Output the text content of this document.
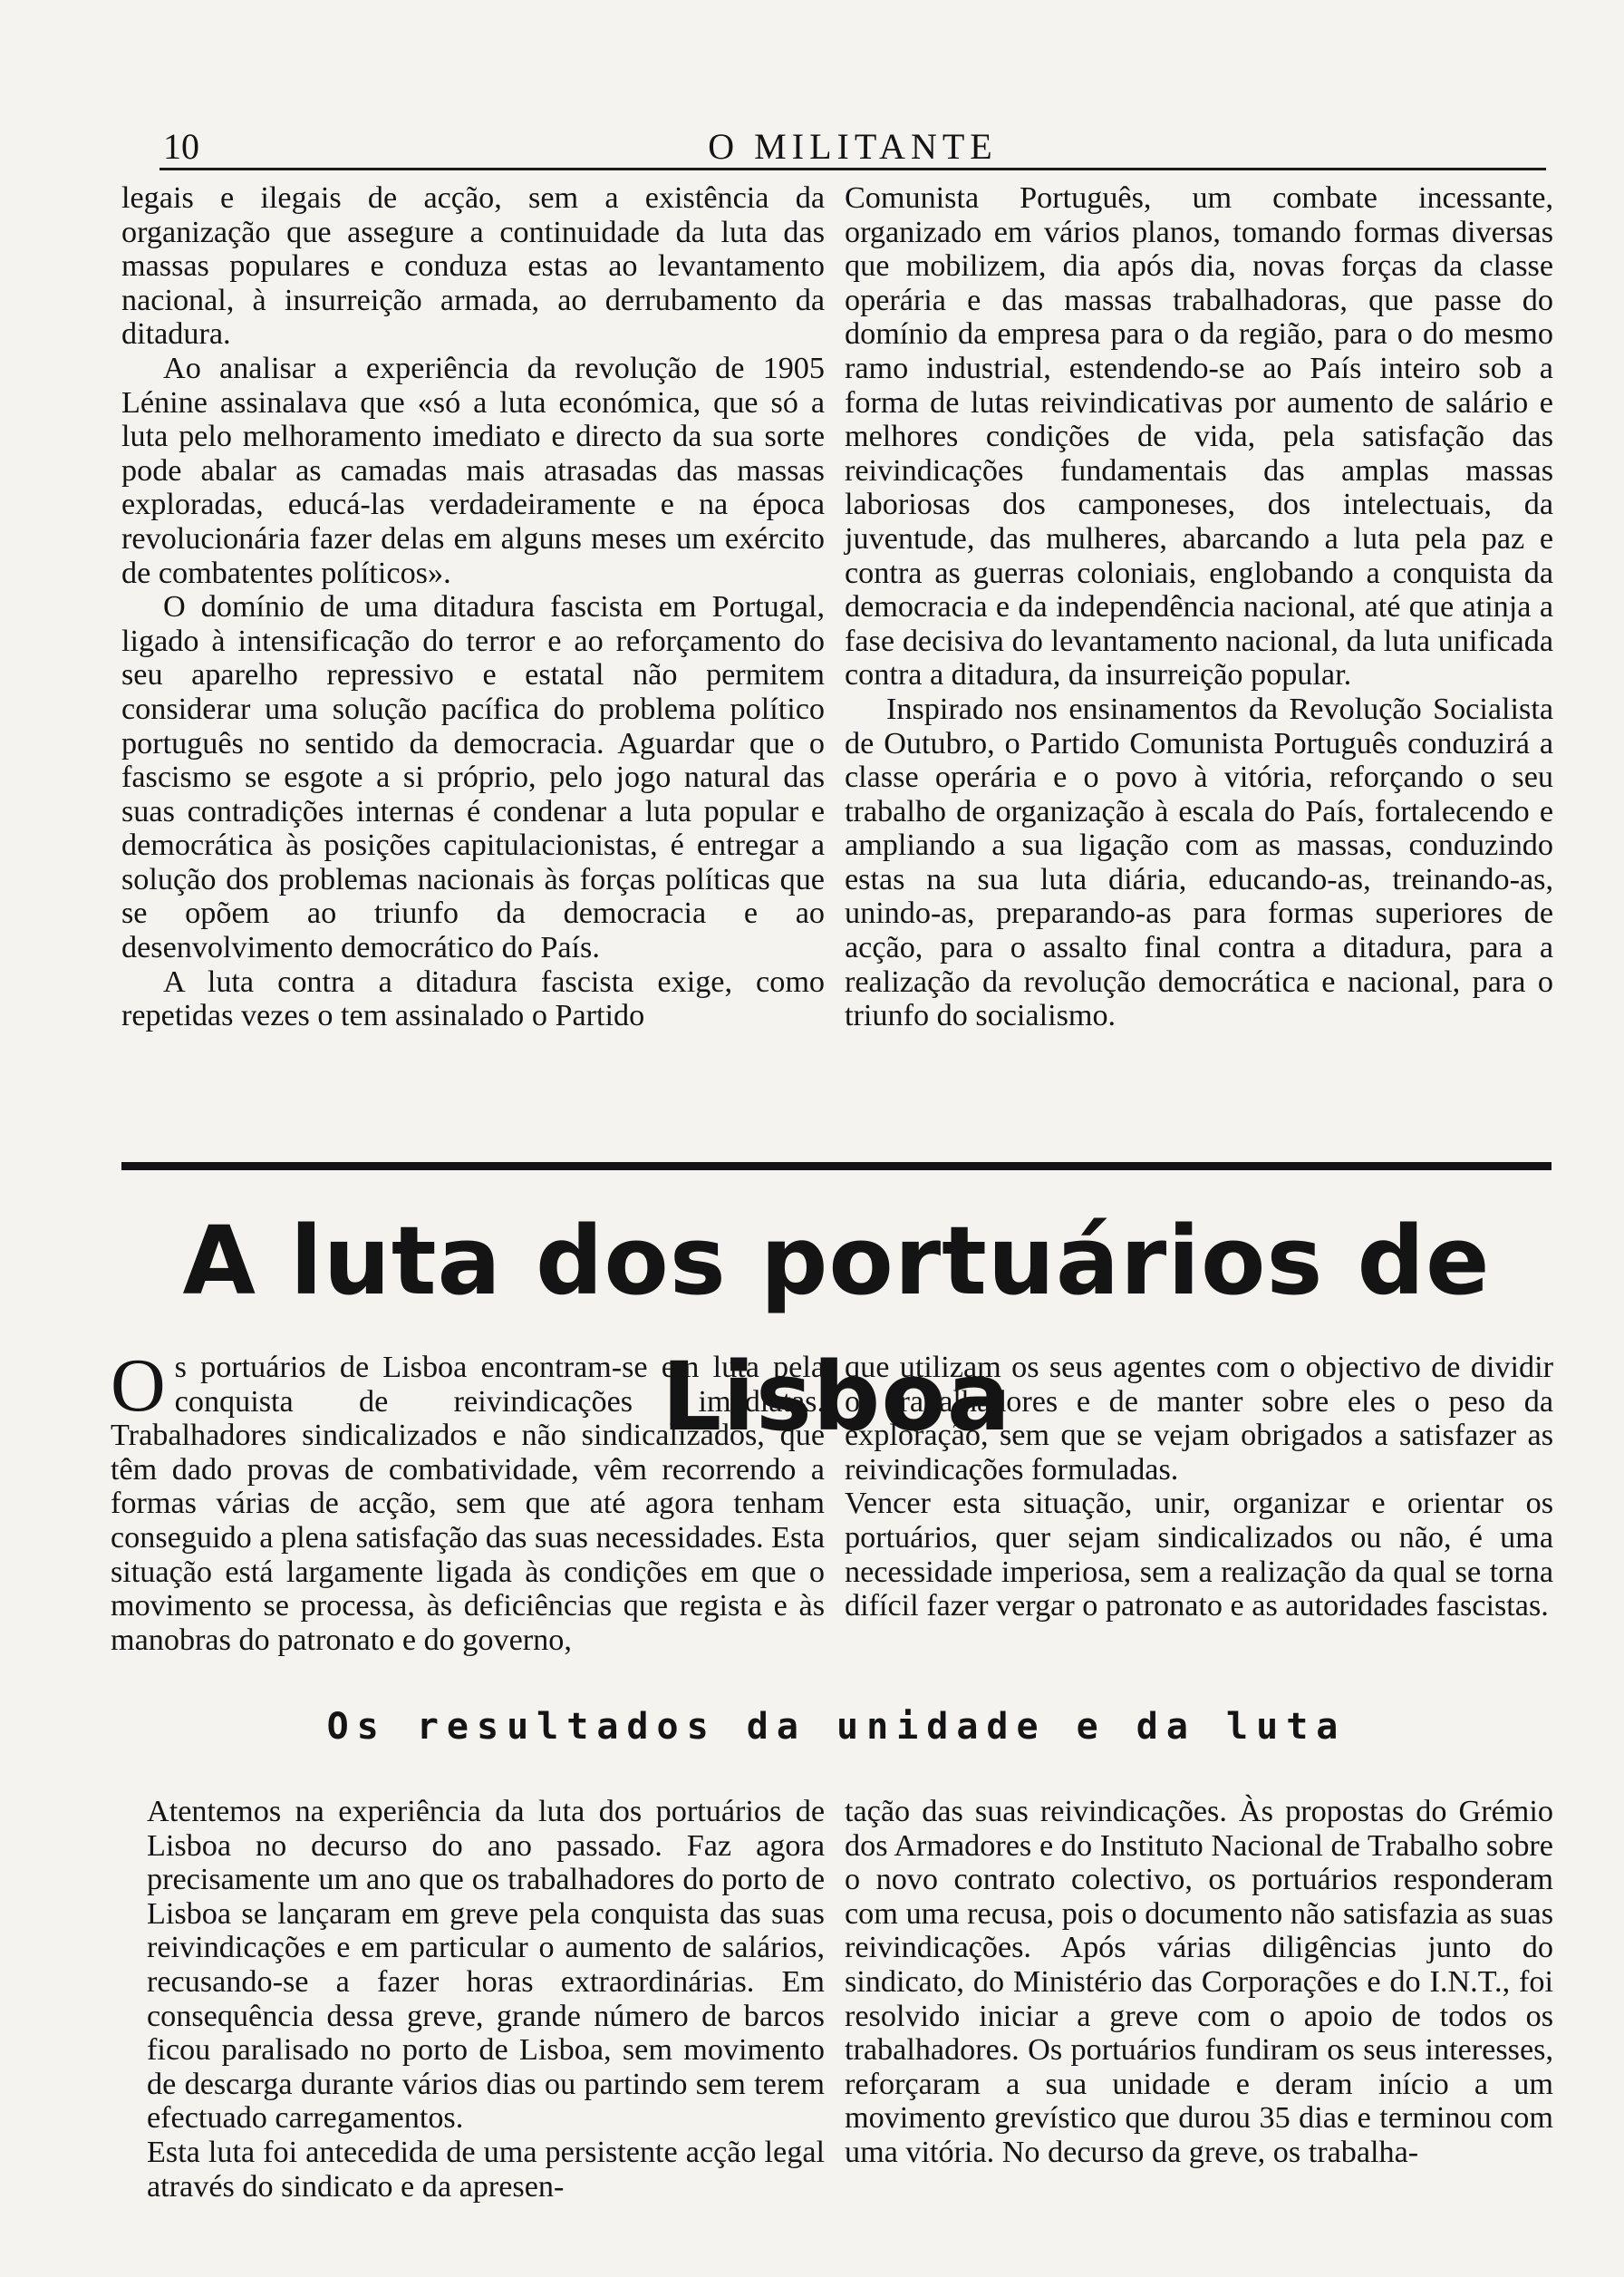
10	O MILITANTE

legais e ilegais de acção, sem a existência da organização que assegure a continuidade da luta das massas populares e conduza estas ao levantamento nacional, à insurreição armada, ao derrubamento da ditadura.

Ao analisar a experiência da revolução de 1905 Lénine assinalava que «só a luta económica, que só a luta pelo melhoramento imediato e directo da sua sorte pode abalar as camadas mais atrasadas das massas exploradas, educá-las verdadeiramente e na época revolucionária fazer delas em alguns meses um exército de combatentes políticos».

O domínio de uma ditadura fascista em Portugal, ligado à intensificação do terror e ao reforçamento do seu aparelho repressivo e estatal não permitem considerar uma solução pacífica do problema político português no sentido da democracia. Aguardar que o fascismo se esgote a si próprio, pelo jogo natural das suas contradições internas é condenar a luta popular e democrática às posições capitulacionistas, é entregar a solução dos problemas nacionais às forças políticas que se opõem ao triunfo da democracia e ao desenvolvimento democrático do País.

A luta contra a ditadura fascista exige, como repetidas vezes o tem assinalado o Partido

Comunista Português, um combate incessante, organizado em vários planos, tomando formas diversas que mobilizem, dia após dia, novas forças da classe operária e das massas trabalhadoras, que passe do domínio da empresa para o da região, para o do mesmo ramo industrial, estendendo-se ao País inteiro sob a forma de lutas reivindicativas por aumento de salário e melhores condições de vida, pela satisfação das reivindicações fundamentais das amplas massas laboriosas dos camponeses, dos intelectuais, da juventude, das mulheres, abarcando a luta pela paz e contra as guerras coloniais, englobando a conquista da democracia e da independência nacional, até que atinja a fase decisiva do levantamento nacional, da luta unificada contra a ditadura, da insurreição popular.

Inspirado nos ensinamentos da Revolução Socialista de Outubro, o Partido Comunista Português conduzirá a classe operária e o povo à vitória, reforçando o seu trabalho de organização à escala do País, fortalecendo e ampliando a sua ligação com as massas, conduzindo estas na sua luta diária, educando-as, treinando-as, unindo-as, preparando-as para formas superiores de acção, para o assalto final contra a ditadura, para a realização da revolução democrática e nacional, para o triunfo do socialismo.

A luta dos portuários de Lisboa

Os portuários de Lisboa encontram-se em luta pela conquista de reivindicações imediatas. Trabalhadores sindicalizados e não sindicalizados, que têm dado provas de combatividade, vêm recorrendo a formas várias de acção, sem que até agora tenham conseguido a plena satisfação das suas necessidades. Esta situação está largamente ligada às condições em que o movimento se processa, às deficiências que regista e às manobras do patronato e do governo,

que utilizam os seus agentes com o objectivo de dividir os trabalhadores e de manter sobre eles o peso da exploração, sem que se vejam obrigados a satisfazer as reivindicações formuladas.

Vencer esta situação, unir, organizar e orientar os portuários, quer sejam sindicalizados ou não, é uma necessidade imperiosa, sem a realização da qual se torna difícil fazer vergar o patronato e as autoridades fascistas.

Os resultados da unidade e da luta

Atentemos na experiência da luta dos portuários de Lisboa no decurso do ano passado. Faz agora precisamente um ano que os trabalhadores do porto de Lisboa se lançaram em greve pela conquista das suas reivindicações e em particular o aumento de salários, recusando-se a fazer horas extraordinárias. Em consequência dessa greve, grande número de barcos ficou paralisado no porto de Lisboa, sem movimento de descarga durante vários dias ou partindo sem terem efectuado carregamentos.

Esta luta foi antecedida de uma persistente acção legal através do sindicato e da apresen-

tação das suas reivindicações. Às propostas do Grémio dos Armadores e do Instituto Nacional de Trabalho sobre o novo contrato colectivo, os portuários responderam com uma recusa, pois o documento não satisfazia as suas reivindicações. Após várias diligências junto do sindicato, do Ministério das Corporações e do I.N.T., foi resolvido iniciar a greve com o apoio de todos os trabalhadores. Os portuários fundiram os seus interesses, reforçaram a sua unidade e deram início a um movimento grevístico que durou 35 dias e terminou com uma vitória. No decurso da greve, os trabalha-
